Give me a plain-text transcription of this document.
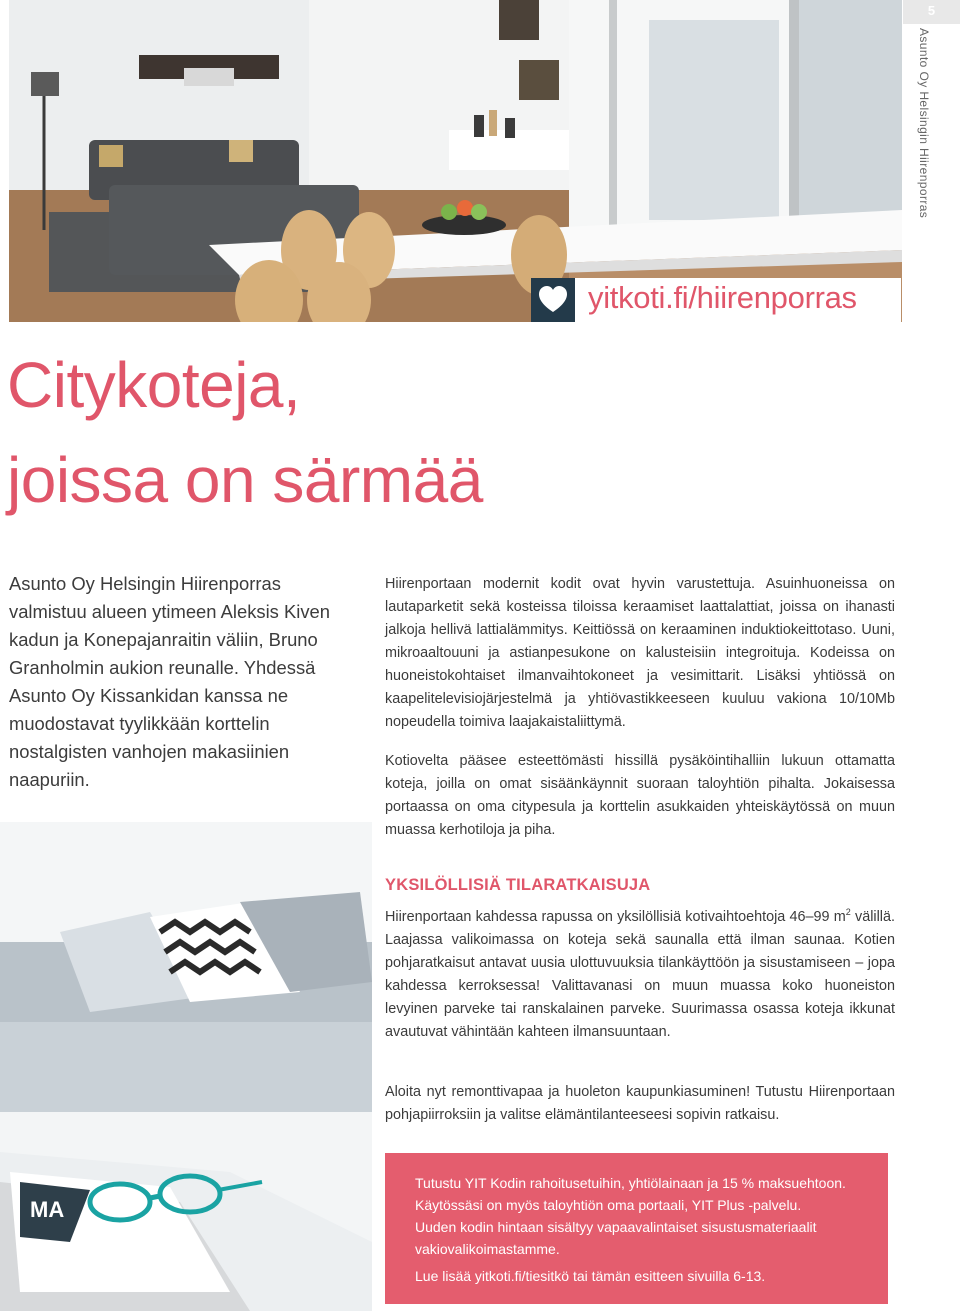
yitkoti.fi/hiirenporras
5
Asunto Oy Helsingin Hiirenporras
Citykoteja,
joissa on särmää

Asunto Oy Helsingin Hiirenporras valmistuu alueen ytimeen Aleksis Kiven kadun ja Konepajanraitin väliin, Bruno Granholmin aukion reunalle. Yhdessä Asunto Oy Kissankidan kanssa ne muodostavat tyylikkään korttelin nostalgisten vanhojen makasiinien naapuriin.

Hiirenportaan modernit kodit ovat hyvin varustettuja. Asuinhuoneissa on lautaparketit sekä kosteissa tiloissa keraamiset laattalattiat, joissa on ihanasti jalkoja hellivä lattialämmitys. Keittiössä on keraaminen induktiokeittotaso. Uuni, mikroaaltouuni ja astianpesukone on kalusteisiin integroituja. Kodeissa on huoneistokohtaiset ilmanvaihtokoneet ja vesimittarit. Lisäksi yhtiössä on kaapelitelevisiojärjestelmä ja yhtiövastikkeeseen kuuluu vakiona 10/10Mb nopeudella toimiva laajakaistaliittymä.

Kotiovelta pääsee esteettömästi hissillä pysäköintihalliin lukuun ottamatta koteja, joilla on omat sisäänkäynnit suoraan taloyhtiön pihalta. Jokaisessa portaassa on oma citypesula ja korttelin asukkaiden yhteiskäytössä on muun muassa kerhotiloja ja piha.

YKSILÖLLISIÄ TILARATKAISUJA

Hiirenportaan kahdessa rapussa on yksilöllisiä kotivaihtoehtoja 46–99 $m^2$ välillä. Laajassa valikoimassa on koteja sekä saunalla että ilman saunaa. Kotien pohjaratkaisut antavat uusia ulottuvuuksia tilankäyttöön ja sisustamiseen – jopa kahdessa kerroksessa! Valittavanasi on muun muassa koko huoneiston levyinen parveke tai ranskalainen parveke. Suurimassa osassa koteja ikkunat avautuvat vähintään kahteen ilmansuuntaan.

Aloita nyt remonttivapaa ja huoleton kaupunkiasuminen! Tutustu Hiirenportaan pohjapiirroksiin ja valitse elämäntilanteeseesi sopivin ratkaisu.

MA

Tutustu YIT Kodin rahoitusetuihin, yhtiölainaan ja 15 % maksuehtoon.

Käytössäsi on myös taloyhtiön oma portaali, YIT Plus -palvelu.

Uuden kodin hintaan sisältyy vapaavalintaiset sisustusmateriaalit

vakiovalikoimastamme.

Lue lisää yitkoti.fi/tiesitkö tai tämän esitteen sivuilla 6-13.
